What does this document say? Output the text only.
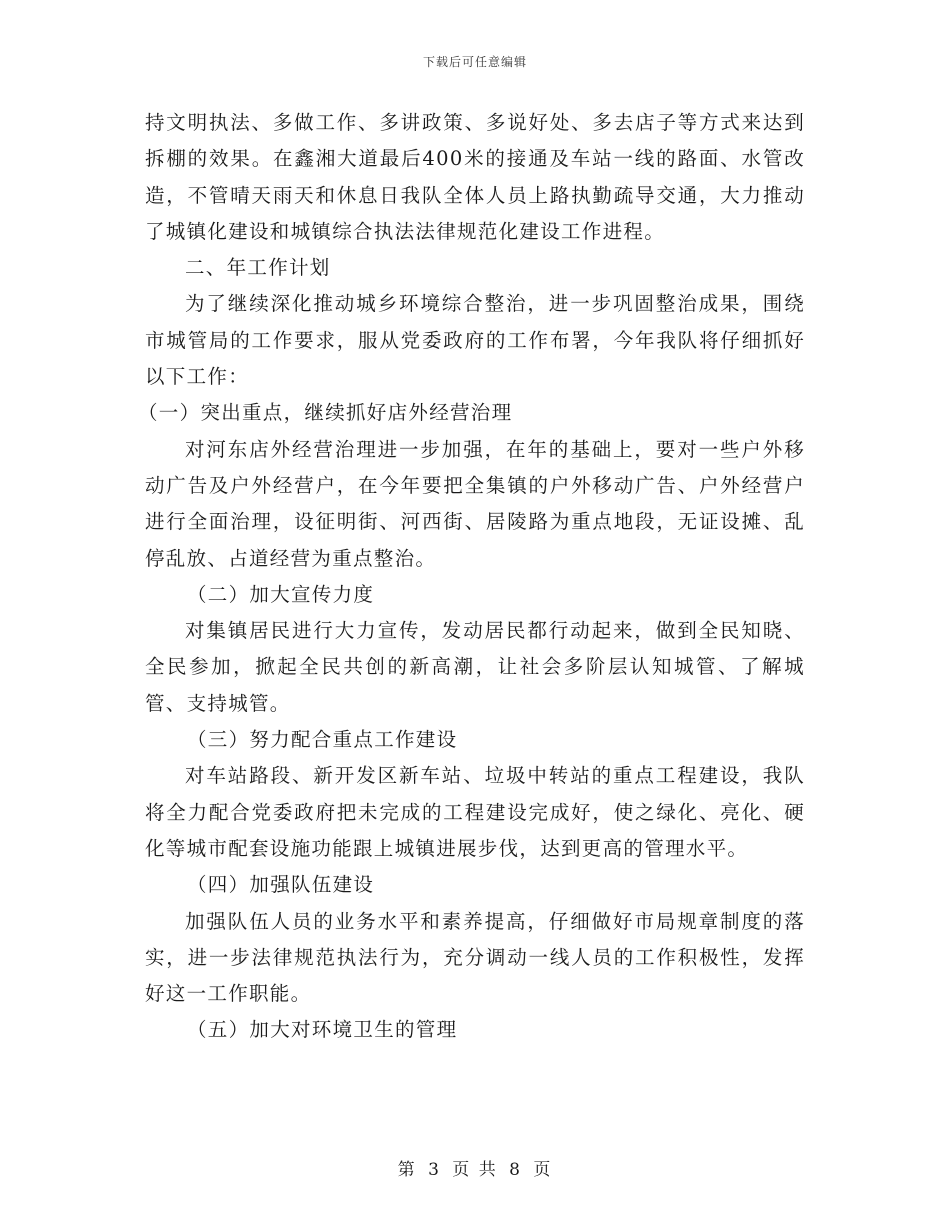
下载后可任意编辑

持文明执法、多做工作、多讲政策、多说好处、多去店子等方式来达到拆棚的效果。在鑫湘大道最后400米的接通及车站一线的路面、水管改造，不管晴天雨天和休息日我队全体人员上路执勤疏导交通，大力推动了城镇化建设和城镇综合执法法律规范化建设工作进程。

二、年工作计划

为了继续深化推动城乡环境综合整治，进一步巩固整治成果，围绕市城管局的工作要求，服从党委政府的工作布署，今年我队将仔细抓好以下工作：

（一）突出重点，继续抓好店外经营治理

对河东店外经营治理进一步加强，在年的基础上，要对一些户外移动广告及户外经营户，在今年要把全集镇的户外移动广告、户外经营户进行全面治理，设征明街、河西街、居陵路为重点地段，无证设摊、乱停乱放、占道经营为重点整治。

（二）加大宣传力度

对集镇居民进行大力宣传，发动居民都行动起来，做到全民知晓、全民参加，掀起全民共创的新高潮，让社会多阶层认知城管、了解城管、支持城管。

（三）努力配合重点工作建设

对车站路段、新开发区新车站、垃圾中转站的重点工程建设，我队将全力配合党委政府把未完成的工程建设完成好，使之绿化、亮化、硬化等城市配套设施功能跟上城镇进展步伐，达到更高的管理水平。

（四）加强队伍建设

加强队伍人员的业务水平和素养提高，仔细做好市局规章制度的落实，进一步法律规范执法行为，充分调动一线人员的工作积极性，发挥好这一工作职能。

（五）加大对环境卫生的管理

第 3 页 共 8 页
